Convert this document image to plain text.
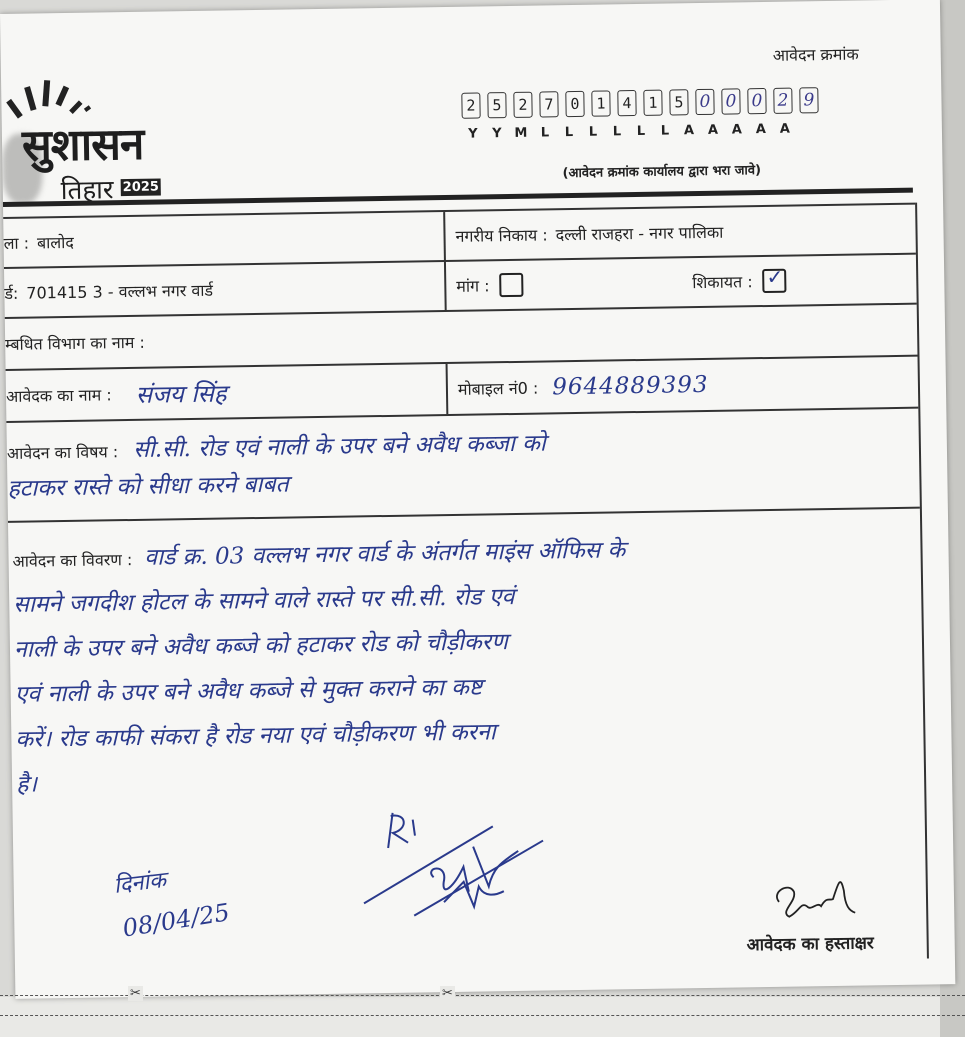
सुशासन
तिहार 2025
आवेदन क्रमांक
2	5	2	7	0	1	4	1	5 0 0 0 2 9
Y Y M L L L L L L A A A A A
(आवेदन क्रमांक कार्यालय द्वारा भरा जावे)
ला : बालोद	नगरीय निकाय : दल्ली राजहरा - नगर पालिका
र्ड: 701415 3 - वल्लभ नगर वार्ड	मांग :	शिकायत : ✓
म्बधित विभाग का नाम :
आवेदक का नाम : संजय सिंह	मोबाइल नं0 : 9644889393
आवेदन का विषय : सी.सी. रोड एवं नाली के उपर बने अवैध कब्जा को
हटाकर रास्ते को सीधा करने बाबत
आवेदन का विवरण : वार्ड क्र. 03 वल्लभ नगर वार्ड के अंतर्गत माइंस ऑफिस के
सामने जगदीश होटल के सामने वाले रास्ते पर सी.सी. रोड एवं
नाली के उपर बने अवैध कब्जे को हटाकर रोड को चौड़ीकरण
एवं नाली के उपर बने अवैध कब्जे से मुक्त कराने का कष्ट
करें। रोड काफी संकरा है रोड नया एवं चौड़ीकरण भी करना
है।
दिनांक
08/04/25
आवेदक का हस्ताक्षर
✂	✂
